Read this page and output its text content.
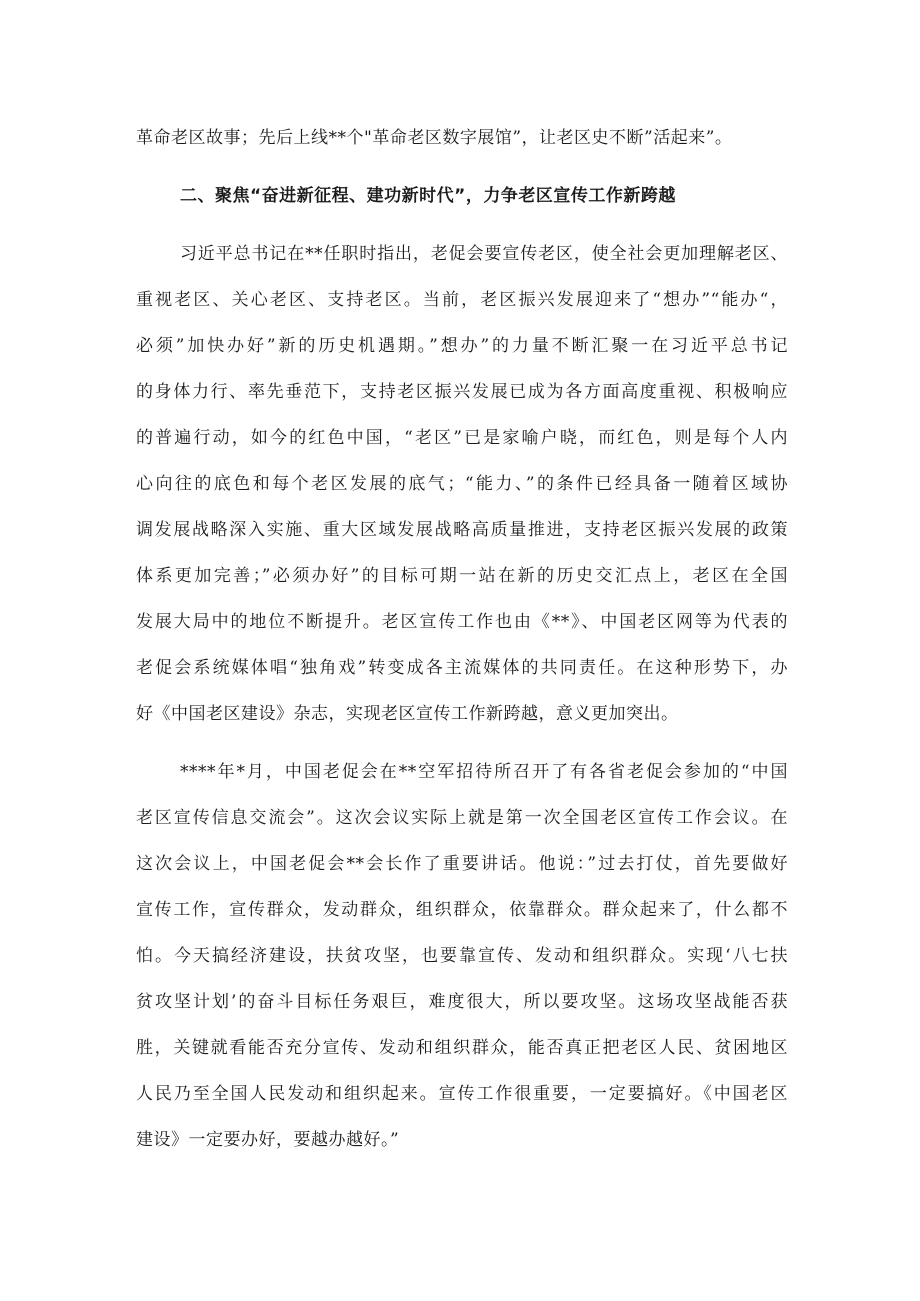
革命老区故事；先后上线**个"革命老区数字展馆”，让老区史不断”活起来”。
二、聚焦“奋进新征程、建功新时代”，力争老区宣传工作新跨越
习近平总书记在**任职时指出，老促会要宣传老区，使全社会更加理解老区、
重视老区、关心老区、支持老区。当前，老区振兴发展迎来了“想办”“能办“，
必须”加快办好”新的历史机遇期。”想办”的力量不断汇聚一在习近平总书记
的身体力行、率先垂范下，支持老区振兴发展已成为各方面高度重视、积极响应
的普遍行动，如今的红色中国，“老区”已是家喻户晓，而红色，则是每个人内
心向往的底色和每个老区发展的底气；“能力、”的条件已经具备一随着区域协
调发展战略深入实施、重大区域发展战略高质量推进，支持老区振兴发展的政策
体系更加完善；”必须办好”的目标可期一站在新的历史交汇点上，老区在全国
发展大局中的地位不断提升。老区宣传工作也由《**》、中国老区网等为代表的
老促会系统媒体唱“独角戏”转变成各主流媒体的共同责任。在这种形势下，办
好《中国老区建设》杂志，实现老区宣传工作新跨越，意义更加突出。
****年*月，中国老促会在**空军招待所召开了有各省老促会参加的“中国
老区宣传信息交流会”。这次会议实际上就是第一次全国老区宣传工作会议。在
这次会议上，中国老促会**会长作了重要讲话。他说：”过去打仗，首先要做好
宣传工作，宣传群众，发动群众，组织群众，依靠群众。群众起来了，什么都不
怕。今天搞经济建设，扶贫攻坚，也要靠宣传、发动和组织群众。实现‘八七扶
贫攻坚计划’的奋斗目标任务艰巨，难度很大，所以要攻坚。这场攻坚战能否获
胜，关键就看能否充分宣传、发动和组织群众，能否真正把老区人民、贫困地区
人民乃至全国人民发动和组织起来。宣传工作很重要，一定要搞好。《中国老区
建设》一定要办好，要越办越好。”
